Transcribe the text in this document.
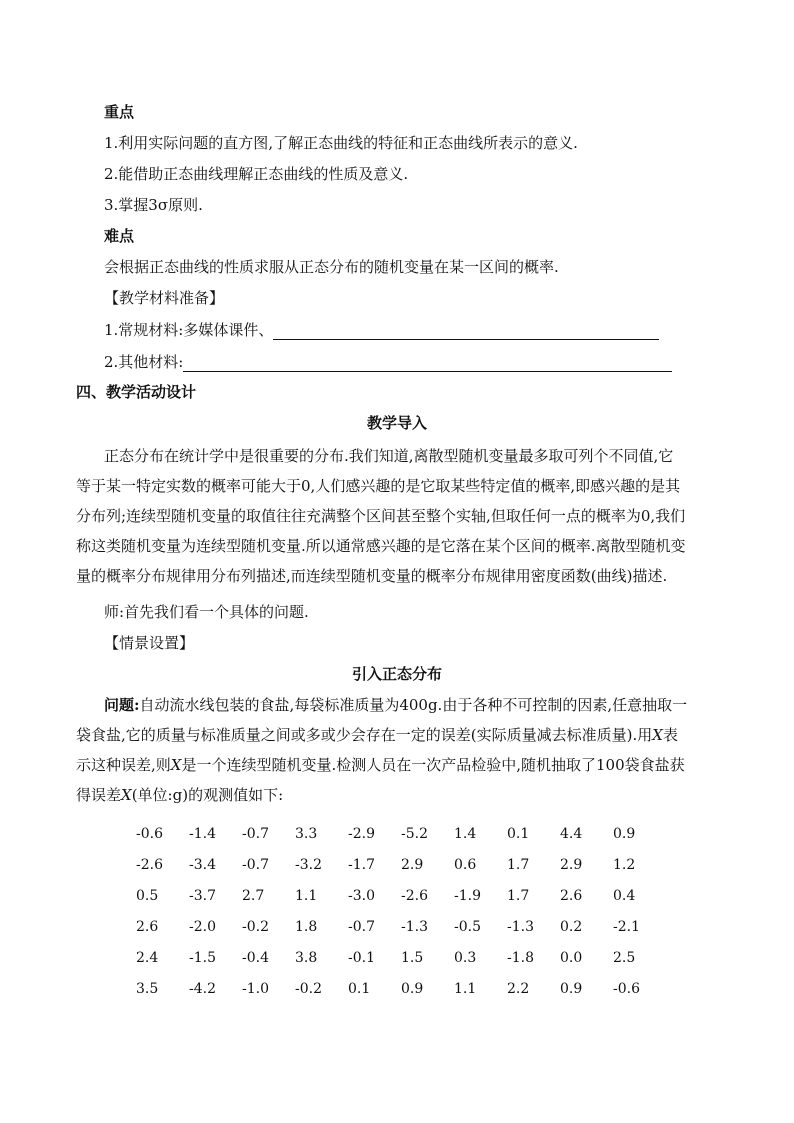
重点
1.利用实际问题的直方图,了解正态曲线的特征和正态曲线所表示的意义.
2.能借助正态曲线理解正态曲线的性质及意义.
3.掌握3σ原则.
难点
会根据正态曲线的性质求服从正态分布的随机变量在某一区间的概率.
【教学材料准备】
1.常规材料:多媒体课件、
2.其他材料:
四、教学活动设计
教学导入
正态分布在统计学中是很重要的分布.我们知道,离散型随机变量最多取可列个不同值,它
等于某一特定实数的概率可能大于0,人们感兴趣的是它取某些特定值的概率,即感兴趣的是其
分布列;连续型随机变量的取值往往充满整个区间甚至整个实轴,但取任何一点的概率为0,我们
称这类随机变量为连续型随机变量.所以通常感兴趣的是它落在某个区间的概率.离散型随机变
量的概率分布规律用分布列描述,而连续型随机变量的概率分布规律用密度函数(曲线)描述.
师:首先我们看一个具体的问题.
【情景设置】
引入正态分布
问题:自动流水线包装的食盐,每袋标准质量为400g.由于各种不可控制的因素,任意抽取一
袋食盐,它的质量与标准质量之间或多或少会存在一定的误差(实际质量减去标准质量).用X表
示这种误差,则X是一个连续型随机变量.检测人员在一次产品检验中,随机抽取了100袋食盐获
得误差X(单位:g)的观测值如下:
-0.6	-1.4	-0.7	3.3	-2.9	-5.2	1.4	0.1	4.4	0.9
-2.6	-3.4	-0.7	-3.2	-1.7	2.9	0.6	1.7	2.9	1.2
0.5	-3.7	2.7	1.1	-3.0	-2.6	-1.9	1.7	2.6	0.4
2.6	-2.0	-0.2	1.8	-0.7	-1.3	-0.5	-1.3	0.2	-2.1
2.4	-1.5	-0.4	3.8	-0.1	1.5	0.3	-1.8	0.0	2.5
3.5	-4.2	-1.0	-0.2	0.1	0.9	1.1	2.2	0.9	-0.6
